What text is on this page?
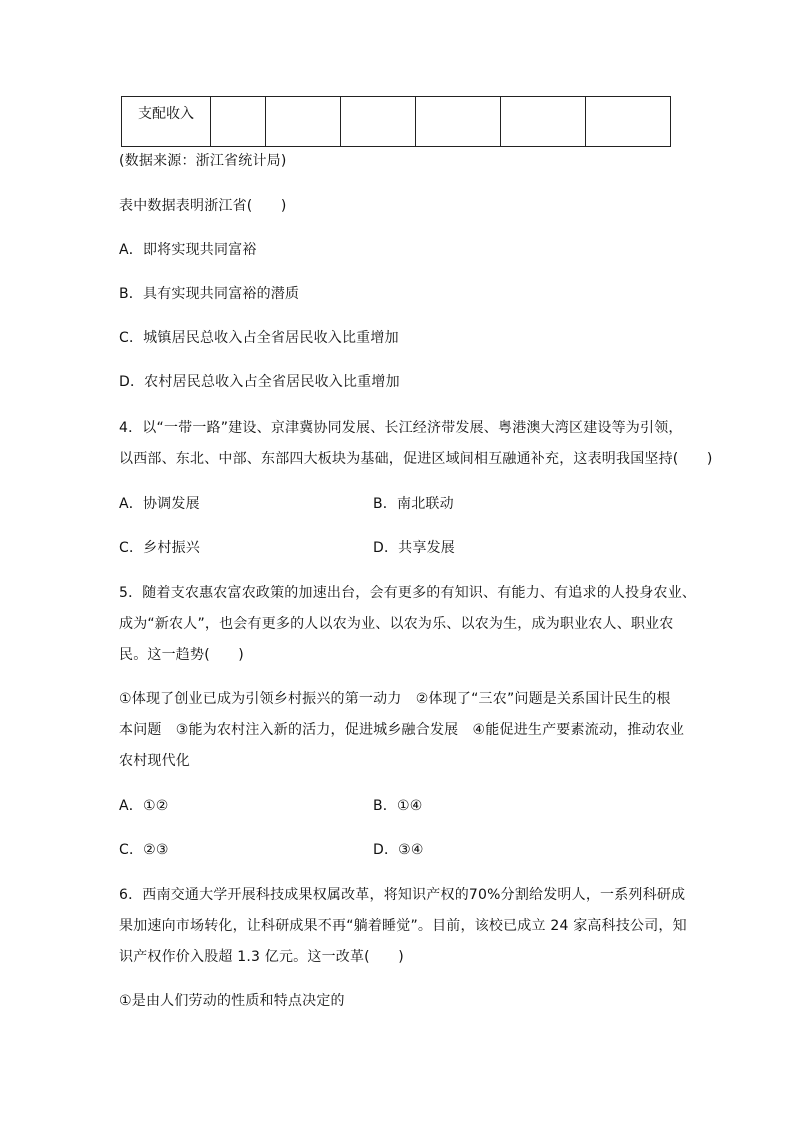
支配收入						
(数据来源：浙江省统计局)
表中数据表明浙江省(　　)
A．即将实现共同富裕
B．具有实现共同富裕的潜质
C．城镇居民总收入占全省居民收入比重增加
D．农村居民总收入占全省居民收入比重增加
4．以“一带一路”建设、京津冀协同发展、长江经济带发展、粤港澳大湾区建设等为引领，
以西部、东北、中部、东部四大板块为基础，促进区域间相互融通补充，这表明我国坚持(　　)
A．协调发展	B．南北联动
C．乡村振兴	D．共享发展
5．随着支农惠农富农政策的加速出台，会有更多的有知识、有能力、有追求的人投身农业、
成为“新农人”，也会有更多的人以农为业、以农为乐、以农为生，成为职业农人、职业农
民。这一趋势(　　)
①体现了创业已成为引领乡村振兴的第一动力　②体现了“三农”问题是关系国计民生的根
本问题　③能为农村注入新的活力，促进城乡融合发展　④能促进生产要素流动，推动农业
农村现代化
A．①②	B．①④
C．②③	D．③④
6．西南交通大学开展科技成果权属改革，将知识产权的70%分割给发明人，一系列科研成
果加速向市场转化，让科研成果不再“躺着睡觉”。目前，该校已成立 24 家高科技公司，知
识产权作价入股超 1.3 亿元。这一改革(　　)
①是由人们劳动的性质和特点决定的
